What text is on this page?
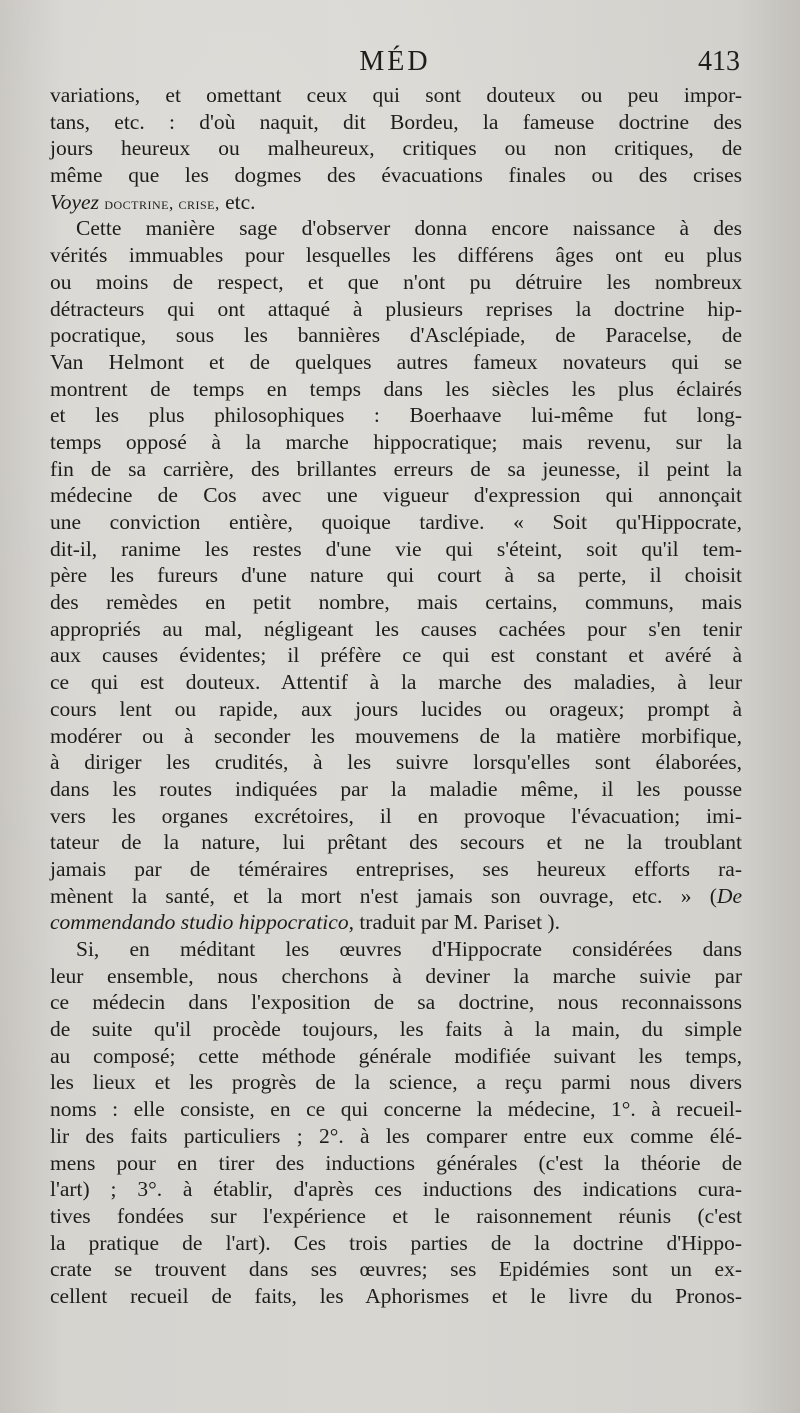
MÉD	413
variations, et omettant ceux qui sont douteux ou peu impor-
tans, etc. : d'où naquit, dit Bordeu, la fameuse doctrine des
jours heureux ou malheureux, critiques ou non critiques, de
même que les dogmes des évacuations finales ou des crises
Voyez doctrine, crise, etc.
Cette manière sage d'observer donna encore naissance à des
vérités immuables pour lesquelles les différens âges ont eu plus
ou moins de respect, et que n'ont pu détruire les nombreux
détracteurs qui ont attaqué à plusieurs reprises la doctrine hip-
pocratique, sous les bannières d'Asclépiade, de Paracelse, de
Van Helmont et de quelques autres fameux novateurs qui se
montrent de temps en temps dans les siècles les plus éclairés
et les plus philosophiques : Boerhaave lui-même fut long-
temps opposé à la marche hippocratique; mais revenu, sur la
fin de sa carrière, des brillantes erreurs de sa jeunesse, il peint la
médecine de Cos avec une vigueur d'expression qui annonçait
une conviction entière, quoique tardive. « Soit qu'Hippocrate,
dit-il, ranime les restes d'une vie qui s'éteint, soit qu'il tem-
père les fureurs d'une nature qui court à sa perte, il choisit
des remèdes en petit nombre, mais certains, communs, mais
appropriés au mal, négligeant les causes cachées pour s'en tenir
aux causes évidentes; il préfère ce qui est constant et avéré à
ce qui est douteux. Attentif à la marche des maladies, à leur
cours lent ou rapide, aux jours lucides ou orageux; prompt à
modérer ou à seconder les mouvemens de la matière morbifique,
à diriger les crudités, à les suivre lorsqu'elles sont élaborées,
dans les routes indiquées par la maladie même, il les pousse
vers les organes excrétoires, il en provoque l'évacuation; imi-
tateur de la nature, lui prêtant des secours et ne la troublant
jamais par de téméraires entreprises, ses heureux efforts ra-
mènent la santé, et la mort n'est jamais son ouvrage, etc. » (De
commendando studio hippocratico, traduit par M. Pariset ).
Si, en méditant les œuvres d'Hippocrate considérées dans
leur ensemble, nous cherchons à deviner la marche suivie par
ce médecin dans l'exposition de sa doctrine, nous reconnaissons
de suite qu'il procède toujours, les faits à la main, du simple
au composé; cette méthode générale modifiée suivant les temps,
les lieux et les progrès de la science, a reçu parmi nous divers
noms : elle consiste, en ce qui concerne la médecine, 1°. à recueil-
lir des faits particuliers ; 2°. à les comparer entre eux comme élé-
mens pour en tirer des inductions générales (c'est la théorie de
l'art) ; 3°. à établir, d'après ces inductions des indications cura-
tives fondées sur l'expérience et le raisonnement réunis (c'est
la pratique de l'art). Ces trois parties de la doctrine d'Hippo-
crate se trouvent dans ses œuvres; ses Epidémies sont un ex-
cellent recueil de faits, les Aphorismes et le livre du Pronos-
